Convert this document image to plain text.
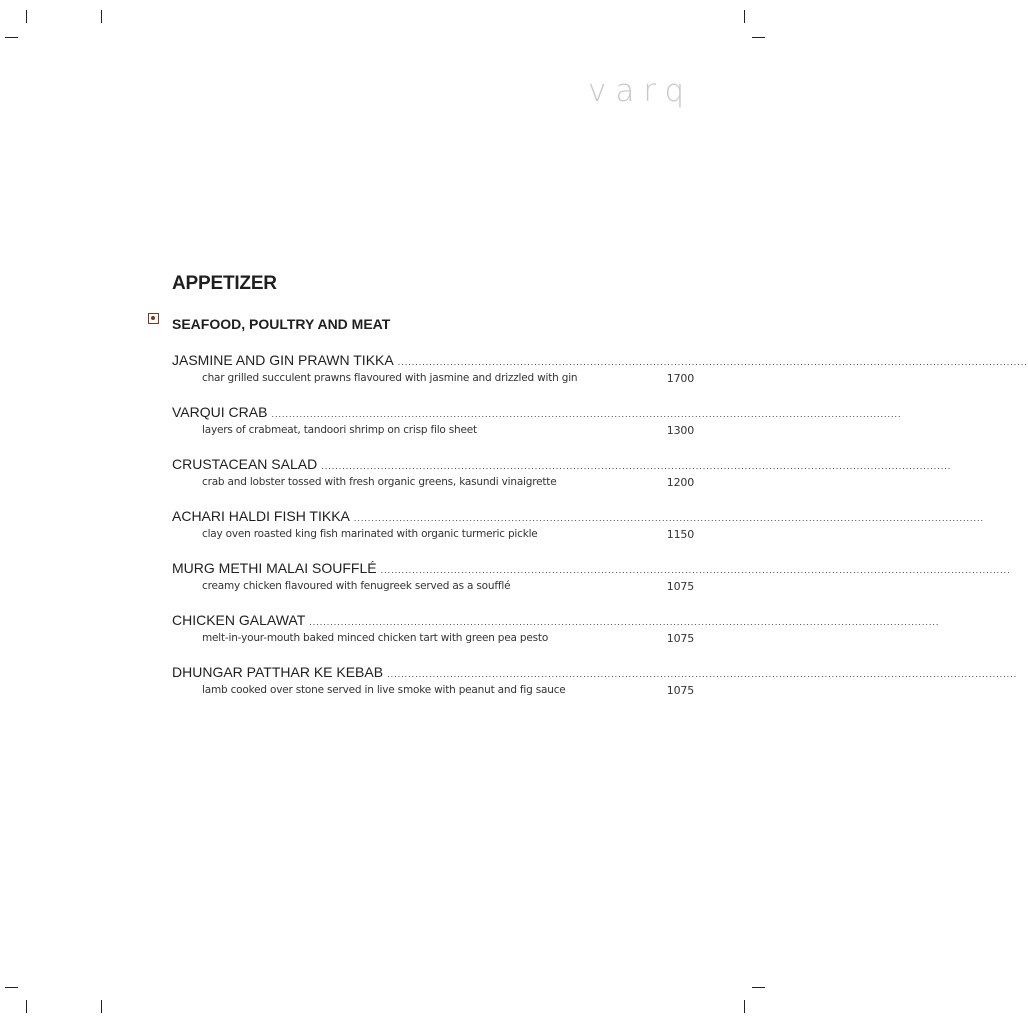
varq
APPETIZER
SEAFOOD, POULTRY AND MEAT
JASMINE AND GIN PRAWN TIKKA ....................................................................................................................................................................................
char grilled succulent prawns flavoured with jasmine and drizzled with gin	1700
VARQUI CRAB ....................................................................................................................................................................................
layers of crabmeat, tandoori shrimp on crisp filo sheet	1300
CRUSTACEAN SALAD ....................................................................................................................................................................................
crab and lobster tossed with fresh organic greens, kasundi vinaigrette	1200
ACHARI HALDI FISH TIKKA ....................................................................................................................................................................................
clay oven roasted king fish marinated with organic turmeric pickle	1150
MURG METHI MALAI SOUFFLÉ ....................................................................................................................................................................................
creamy chicken flavoured with fenugreek served as a soufflé	1075
CHICKEN GALAWAT ....................................................................................................................................................................................
melt-in-your-mouth baked minced chicken tart with green pea pesto	1075
DHUNGAR PATTHAR KE KEBAB ....................................................................................................................................................................................
lamb cooked over stone served in live smoke with peanut and fig sauce	1075
